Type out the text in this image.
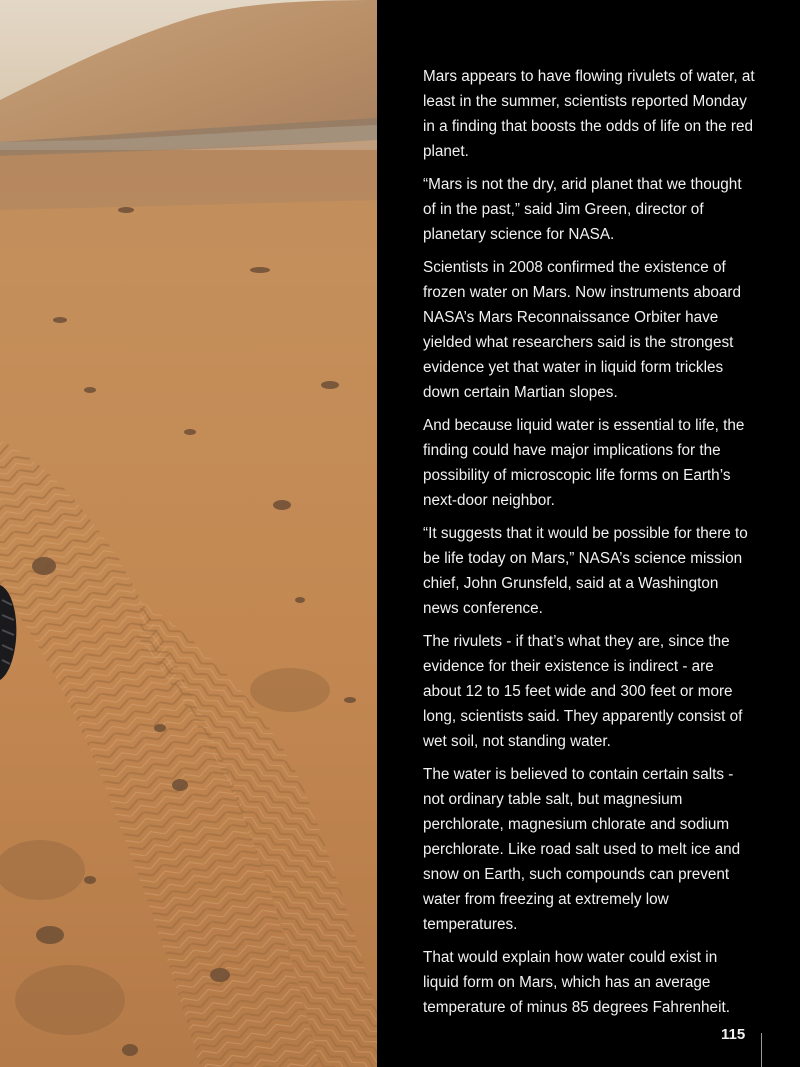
Mars appears to have flowing rivulets of water, at least in the summer, scientists reported Monday in a finding that boosts the odds of life on the red planet.

“Mars is not the dry, arid planet that we thought of in the past,” said Jim Green, director of planetary science for NASA.

Scientists in 2008 confirmed the existence of frozen water on Mars. Now instruments aboard NASA’s Mars Reconnaissance Orbiter have yielded what researchers said is the strongest evidence yet that water in liquid form trickles down certain Martian slopes.

And because liquid water is essential to life, the finding could have major implications for the possibility of microscopic life forms on Earth’s next-door neighbor.

“It suggests that it would be possible for there to be life today on Mars,” NASA’s science mission chief, John Grunsfeld, said at a Washington news conference.

The rivulets - if that’s what they are, since the evidence for their existence is indirect - are about 12 to 15 feet wide and 300 feet or more long, scientists said. They apparently consist of wet soil, not standing water.

The water is believed to contain certain salts - not ordinary table salt, but magnesium perchlorate, magnesium chlorate and sodium perchlorate. Like road salt used to melt ice and snow on Earth, such compounds can prevent water from freezing at extremely low temperatures.

That would explain how water could exist in liquid form on Mars, which has an average temperature of minus 85 degrees Fahrenheit.

115
